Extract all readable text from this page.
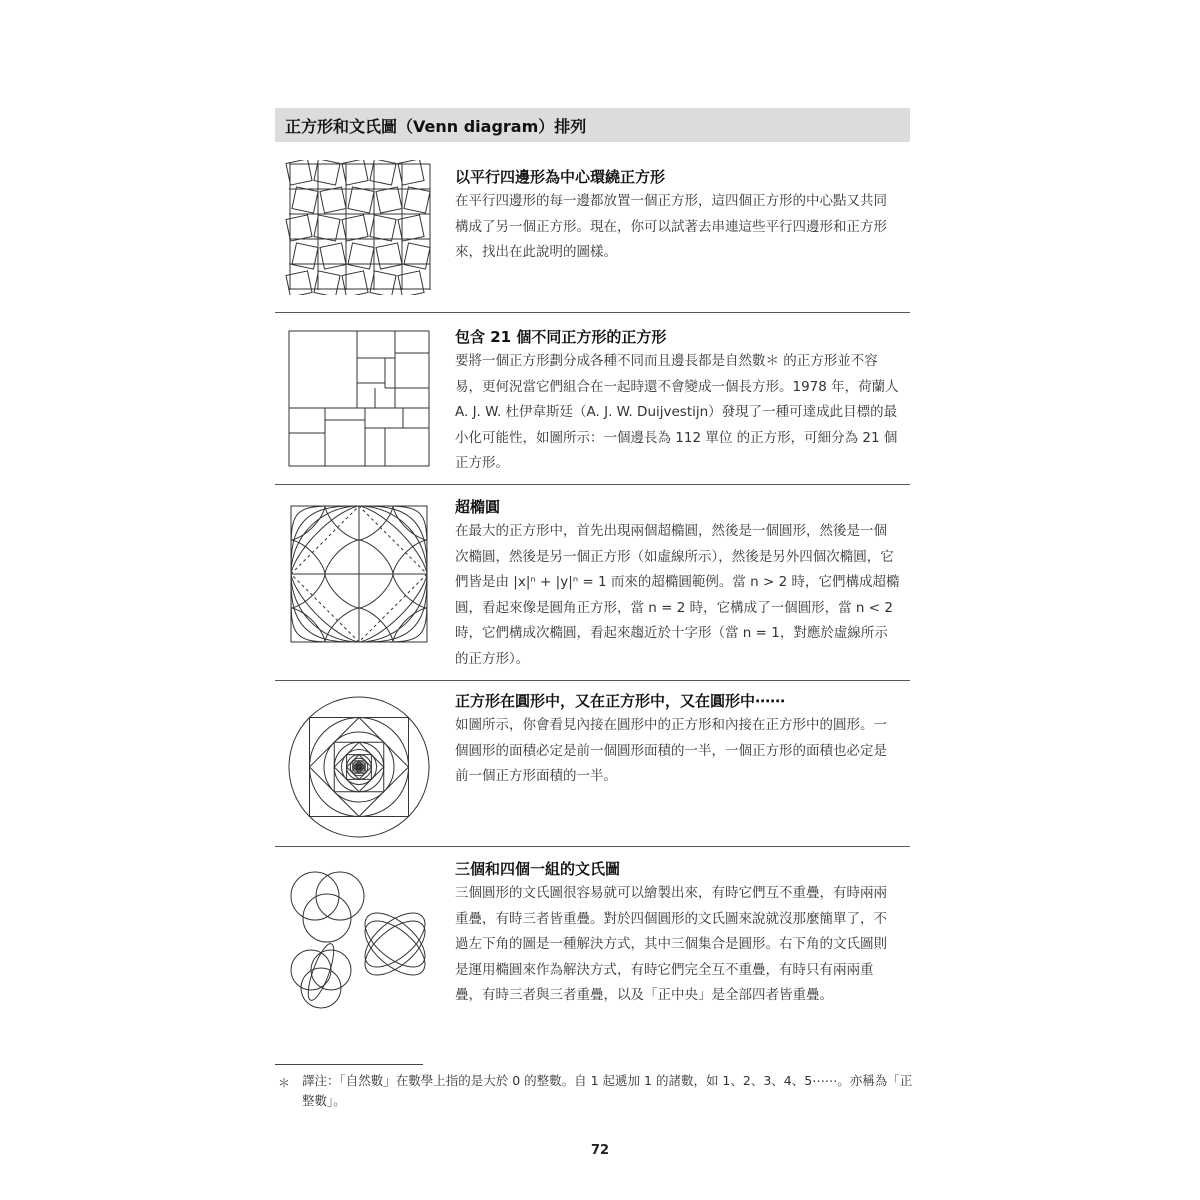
正方形和文氏圖（Venn diagram）排列
以平行四邊形為中心環繞正方形
在平行四邊形的每一邊都放置一個正方形，這四個正方形的中心點又共同構成了另一個正方形。現在，你可以試著去串連這些平行四邊形和正方形來，找出在此說明的圖樣。
包含 21 個不同正方形的正方形
要將一個正方形劃分成各種不同而且邊長都是自然數＊ 的正方形並不容易，更何況當它們組合在一起時還不會變成一個長方形。1978 年，荷蘭人 A. J. W. 杜伊韋斯廷（A. J. W. Duijvestijn）發現了一種可達成此目標的最小化可能性，如圖所示：一個邊長為 112 單位 的正方形，可細分為 21 個正方形。
超橢圓
在最大的正方形中，首先出現兩個超橢圓，然後是一個圓形，然後是一個次橢圓，然後是另一個正方形（如虛線所示），然後是另外四個次橢圓，它們皆是由 |x|ⁿ + |y|ⁿ = 1 而來的超橢圓範例。當 n > 2 時，它們構成超橢圓，看起來像是圓角正方形，當 n = 2 時，它構成了一個圓形，當 n < 2 時，它們構成次橢圓，看起來趨近於十字形（當 n = 1，對應於虛線所示的正方形）。
正方形在圓形中，又在正方形中，又在圓形中⋯⋯
如圖所示，你會看見內接在圓形中的正方形和內接在正方形中的圓形。一個圓形的面積必定是前一個圓形面積的一半，一個正方形的面積也必定是前一個正方形面積的一半。
三個和四個一組的文氏圖
三個圓形的文氏圖很容易就可以繪製出來，有時它們互不重疊，有時兩兩重疊，有時三者皆重疊。對於四個圓形的文氏圖來說就沒那麼簡單了，不過左下角的圖是一種解決方式，其中三個集合是圓形。右下角的文氏圖則是運用橢圓來作為解決方式，有時它們完全互不重疊，有時只有兩兩重疊，有時三者與三者重疊，以及「正中央」是全部四者皆重疊。
＊ 譯注：「自然數」在數學上指的是大於 0 的整數。自 1 起遞加 1 的諸數，如 1、2、3、4、5⋯⋯。亦稱為「正整數」。
72
